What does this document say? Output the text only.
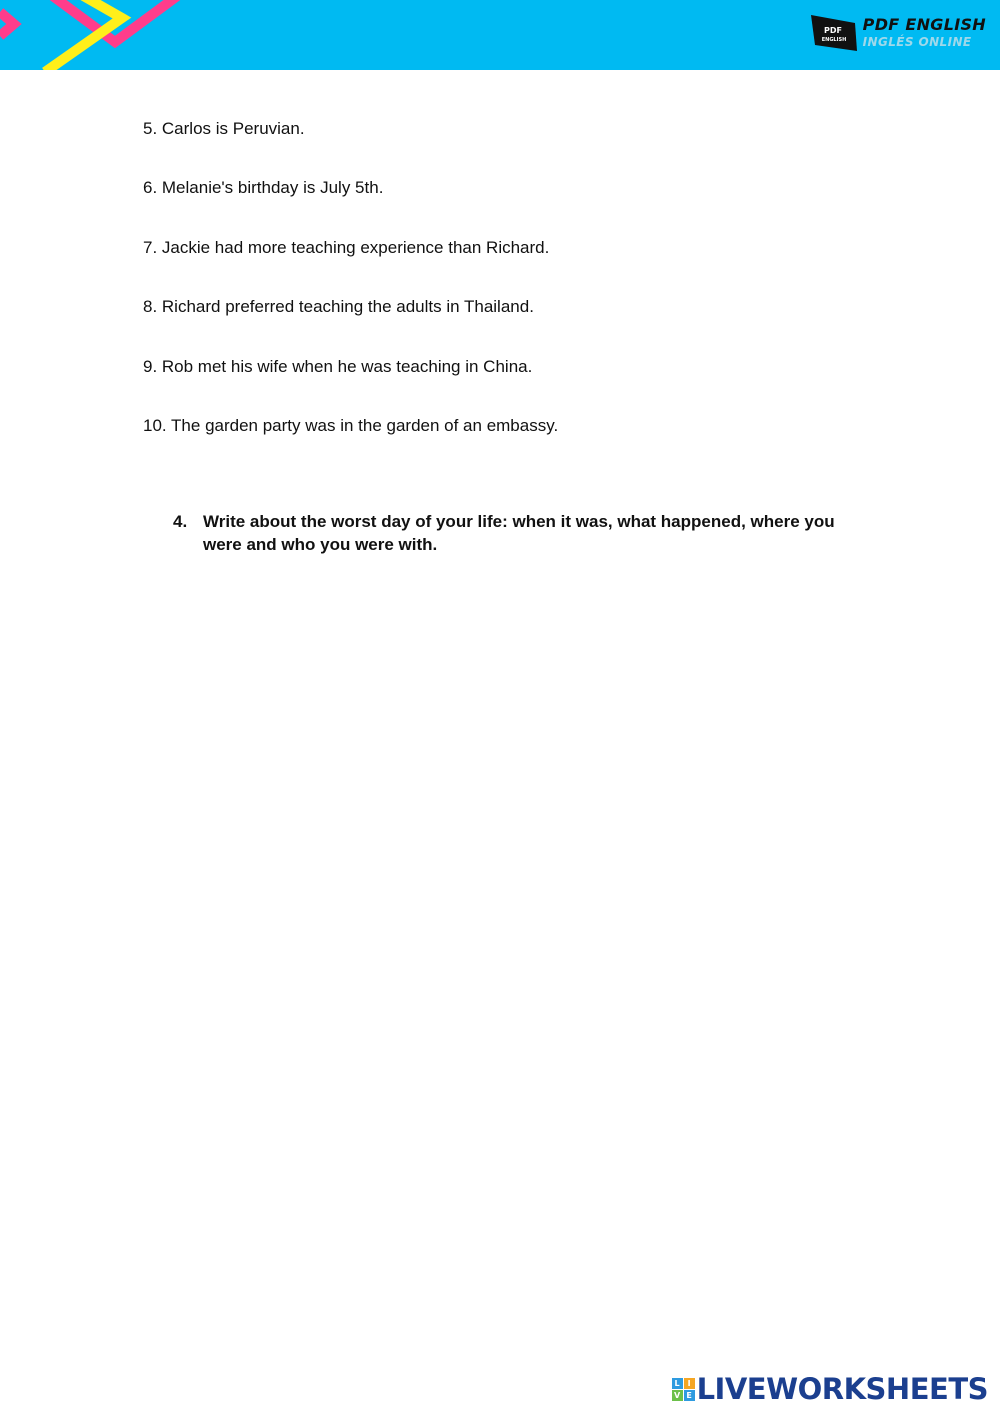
PDF
ENGLISH
PDF ENGLISH
INGLÉS ONLINE
5. Carlos is Peruvian.
6. Melanie's birthday is July 5th.
7. Jackie had more teaching experience than Richard.
8. Richard preferred teaching the adults in Thailand.
9. Rob met his wife when he was teaching in China.
10. The garden party was in the garden of an embassy.
4. Write about the worst day of your life: when it was, what happened, where you were and who you were with.
L I
V E LIVEWORKSHEETS
